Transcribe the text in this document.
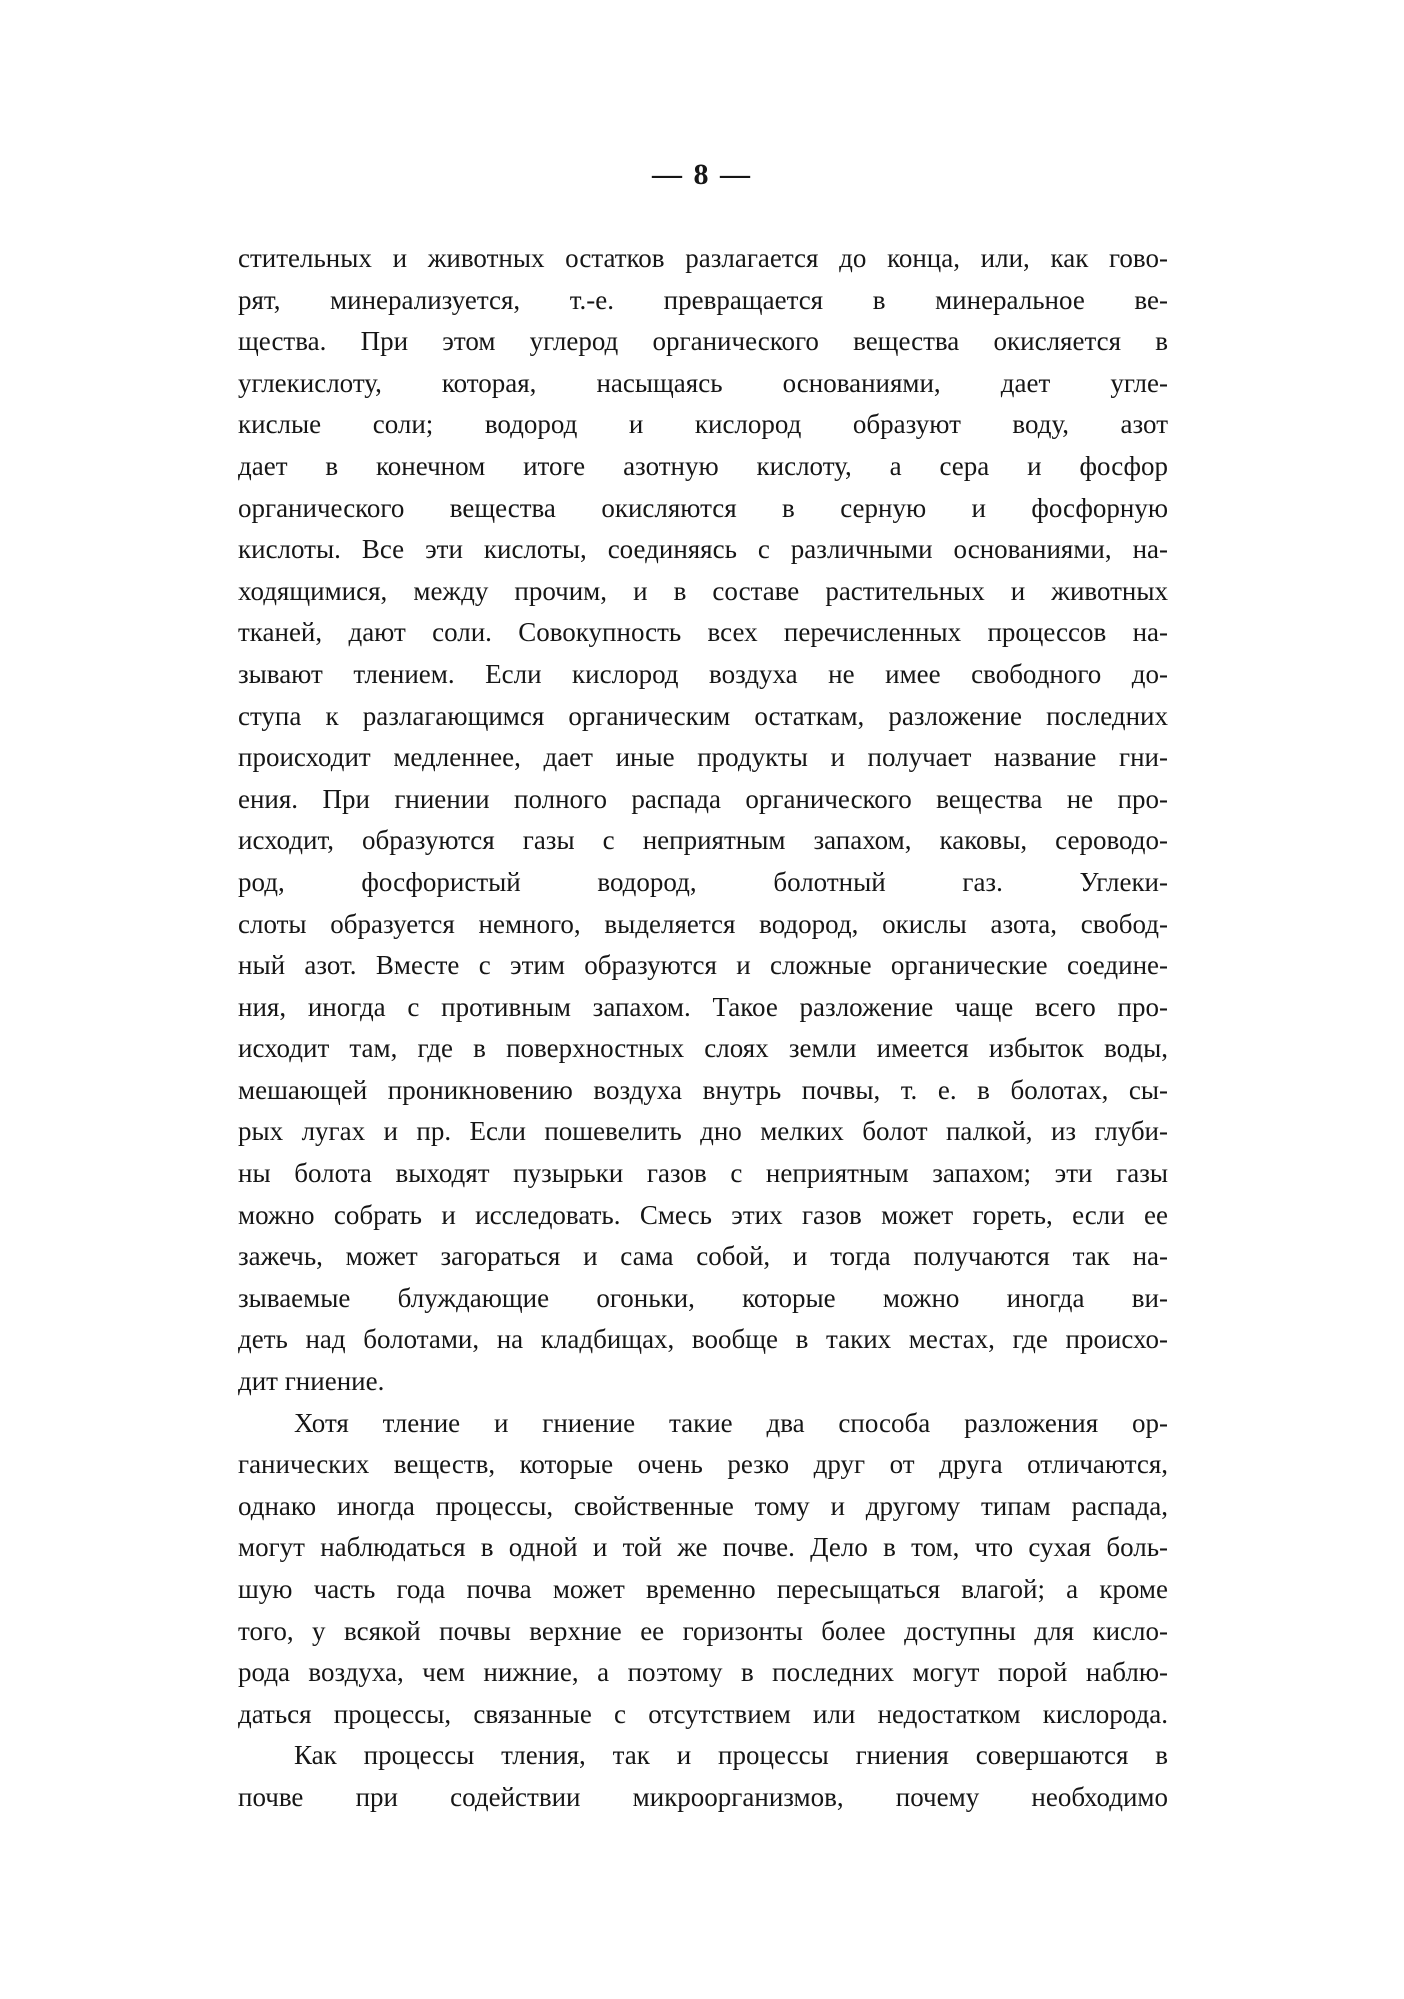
— 8 —
стительных и животных остатков разлагается до конца, или, как гово-
рят, минерализуется, т.-е. превращается в минеральное ве-
щества. При этом углерод органического вещества окисляется в
углекислоту, которая, насыщаясь основаниями, дает угле-
кислые соли; водород и кислород образуют воду, азот
дает в конечном итоге азотную кислоту, а сера и фосфор
органического вещества окисляются в серную и фосфорную
кислоты. Все эти кислоты, соединяясь с различными основаниями, на-
ходящимися, между прочим, и в составе растительных и животных
тканей, дают соли. Совокупность всех перечисленных процессов на-
зывают тлением. Если кислород воздуха не имее свободного до-
ступа к разлагающимся органическим остаткам, разложение последних
происходит медленнее, дает иные продукты и получает название гни-
ения. При гниении полного распада органического вещества не про-
исходит, образуются газы с неприятным запахом, каковы, сероводо-
род, фосфористый водород, болотный газ. Углеки-
слоты образуется немного, выделяется водород, окислы азота, свобод-
ный азот. Вместе с этим образуются и сложные органические соедине-
ния, иногда с противным запахом. Такое разложение чаще всего про-
исходит там, где в поверхностных слоях земли имеется избыток воды,
мешающей проникновению воздуха внутрь почвы, т. е. в болотах, сы-
рых лугах и пр. Если пошевелить дно мелких болот палкой, из глуби-
ны болота выходят пузырьки газов с неприятным запахом; эти газы
можно собрать и исследовать. Смесь этих газов может гореть, если ее
зажечь, может загораться и сама собой, и тогда получаются так на-
зываемые блуждающие огоньки, которые можно иногда ви-
деть над болотами, на кладбищах, вообще в таких местах, где происхо-
дит гниение.
Хотя тление и гниение такие два способа разложения ор-
ганических веществ, которые очень резко друг от друга отличаются,
однако иногда процессы, свойственные тому и другому типам распада,
могут наблюдаться в одной и той же почве. Дело в том, что сухая боль-
шую часть года почва может временно пересыщаться влагой; а кроме
того, у всякой почвы верхние ее горизонты более доступны для кисло-
рода воздуха, чем нижние, а поэтому в последних могут порой наблю-
даться процессы, связанные с отсутствием или недостатком кислорода.
Как процессы тления, так и процессы гниения совершаются в
почве при содействии микроорганизмов, почему необходимо
